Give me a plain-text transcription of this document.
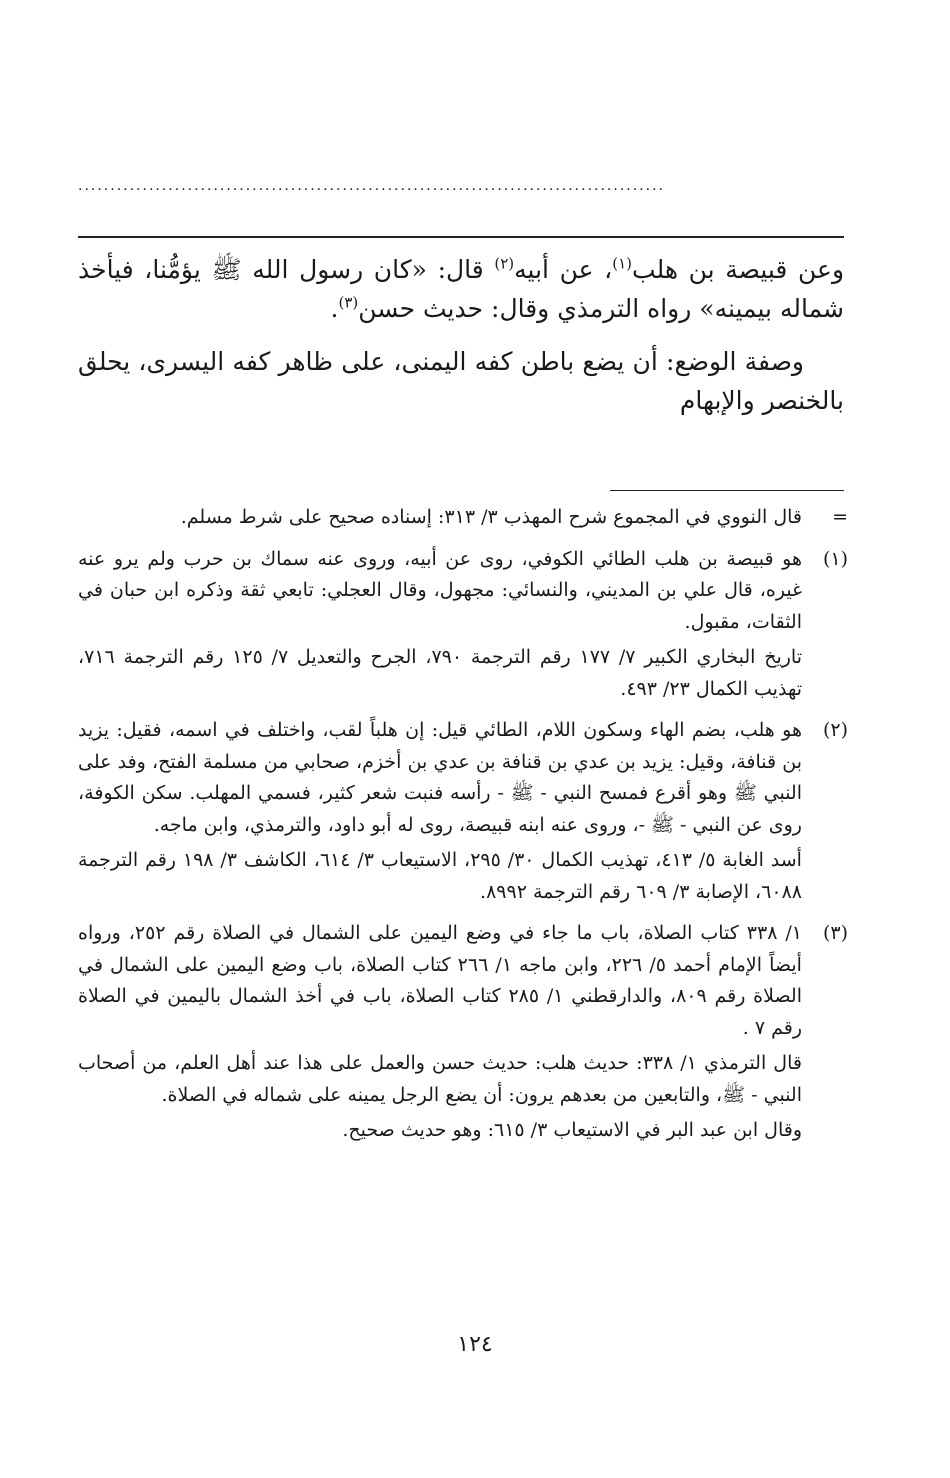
...........................................................................................

وعن قبيصة بن هلب$^{(١)}$، عن أبيه$^{(٢)}$ قال: «كان رسول الله ﷺ يؤمُّنا، فيأخذ شماله بيمينه» رواه الترمذي وقال: حديث حسن$^{(٣)}$.

وصفة الوضع: أن يضع باطن كفه اليمنى، على ظاهر كفه اليسرى، يحلق بالخنصر والإبهام

=

قال النووي في المجموع شرح المهذب ٣/ ٣١٣: إسناده صحيح على شرط مسلم.

(١)

هو قبيصة بن هلب الطائي الكوفي، روى عن أبيه، وروى عنه سماك بن حرب ولم يرو عنه غيره، قال علي بن المديني، والنسائي: مجهول، وقال العجلي: تابعي ثقة وذكره ابن حبان في الثقات، مقبول.

تاريخ البخاري الكبير ٧/ ١٧٧ رقم الترجمة ٧٩٠، الجرح والتعديل ٧/ ١٢٥ رقم الترجمة ٧١٦، تهذيب الكمال ٢٣/ ٤٩٣.

(٢)

هو هلب، بضم الهاء وسكون اللام، الطائي قيل: إن هلباً لقب، واختلف في اسمه، فقيل: يزيد بن قنافة، وقيل: يزيد بن عدي بن قنافة بن عدي بن أخزم، صحابي من مسلمة الفتح، وفد على النبي ﷺ وهو أقرع فمسح النبي - ﷺ - رأسه فنبت شعر كثير، فسمي المهلب. سكن الكوفة، روى عن النبي - ﷺ -، وروى عنه ابنه قبيصة، روى له أبو داود، والترمذي، وابن ماجه.

أسد الغابة ٥/ ٤١٣، تهذيب الكمال ٣٠/ ٢٩٥، الاستيعاب ٣/ ٦١٤، الكاشف ٣/ ١٩٨ رقم الترجمة ٦٠٨٨، الإصابة ٣/ ٦٠٩ رقم الترجمة ٨٩٩٢.

(٣)

١/ ٣٣٨ كتاب الصلاة، باب ما جاء في وضع اليمين على الشمال في الصلاة رقم ٢٥٢، ورواه أيضاً الإمام أحمد ٥/ ٢٢٦، وابن ماجه ١/ ٢٦٦ كتاب الصلاة، باب وضع اليمين على الشمال في الصلاة رقم ٨٠٩، والدارقطني ١/ ٢٨٥ كتاب الصلاة، باب في أخذ الشمال باليمين في الصلاة رقم ٧ .

قال الترمذي ١/ ٣٣٨: حديث هلب: حديث حسن والعمل على هذا عند أهل العلم، من أصحاب النبي - ﷺ، والتابعين من بعدهم يرون: أن يضع الرجل يمينه على شماله في الصلاة.

وقال ابن عبد البر في الاستيعاب ٣/ ٦١٥: وهو حديث صحيح.

١٢٤
